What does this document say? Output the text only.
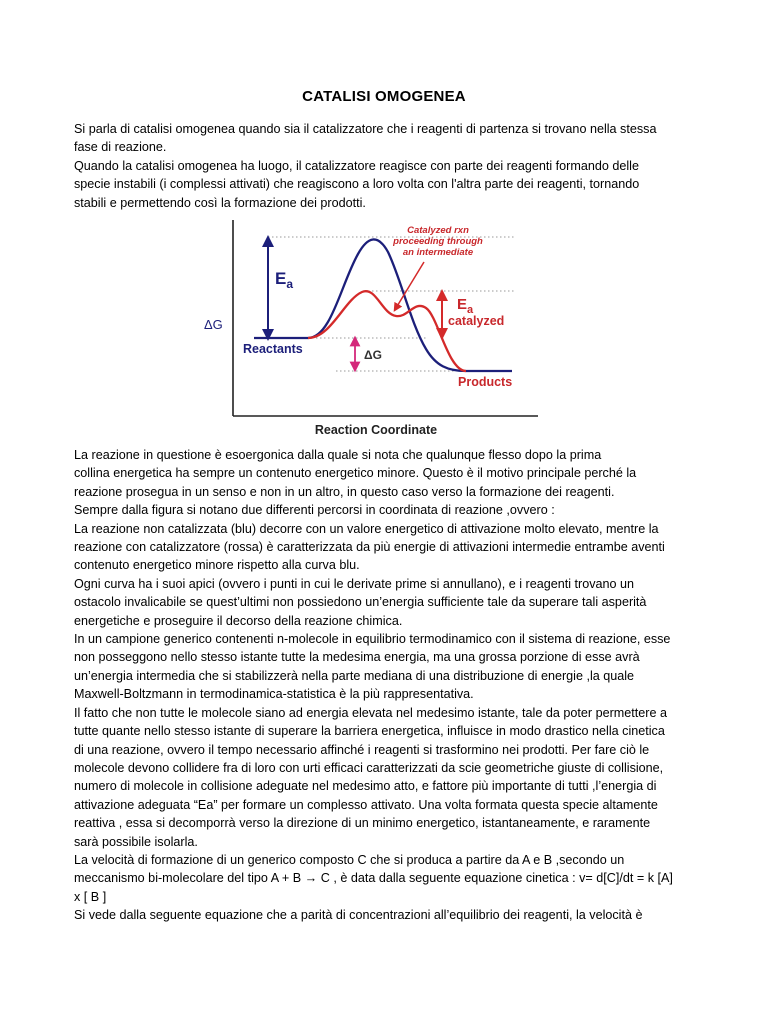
CATALISI OMOGENEA

Si parla di catalisi omogenea quando sia il catalizzatore che i reagenti di partenza si trovano nella stessa

fase di reazione.

Quando la catalisi omogenea ha luogo, il catalizzatore reagisce con parte dei reagenti formando delle

specie instabili (i complessi attivati) che reagiscono a loro volta con l'altra parte dei reagenti, tornando

stabili e permettendo così la formazione dei prodotti.

$E_a$
$E_a$
catalyzed
ΔG
Catalyzed rxn
proceeding through
an intermediate
ΔG
Reactants
Products
Reaction Coordinate

La reazione in questione è esoergonica dalla quale si nota che qualunque flesso dopo la prima

collina energetica ha sempre un contenuto energetico minore. Questo è il motivo principale perché la

reazione prosegua in un senso e non in un altro, in questo caso verso la formazione dei reagenti.

Sempre dalla figura si notano due differenti percorsi in coordinata di reazione ,ovvero :

La reazione non catalizzata (blu) decorre con un valore energetico di attivazione molto elevato, mentre la

reazione con catalizzatore (rossa) è caratterizzata da più energie di attivazioni intermedie entrambe aventi

contenuto energetico minore rispetto alla curva blu.

Ogni curva ha i suoi apici (ovvero i punti in cui le derivate prime si annullano), e i reagenti trovano un

ostacolo invalicabile se quest’ultimi non possiedono un’energia sufficiente tale da superare tali asperità

energetiche e proseguire il decorso della reazione chimica.

In un campione generico contenenti n-molecole in equilibrio termodinamico con il sistema di reazione, esse

non posseggono nello stesso istante tutte la medesima energia, ma una grossa porzione di esse avrà

un’energia intermedia che si stabilizzerà nella parte mediana di una distribuzione di energie ,la quale

Maxwell-Boltzmann in termodinamica-statistica è la più rappresentativa.

Il fatto che non tutte le molecole siano ad energia elevata nel medesimo istante, tale da poter permettere a

tutte quante nello stesso istante di superare la barriera energetica, influisce in modo drastico nella cinetica

di una reazione, ovvero il tempo necessario affinché i reagenti si trasformino nei prodotti. Per fare ciò le

molecole devono collidere fra di loro con urti efficaci caratterizzati da scie geometriche giuste di collisione,

numero di molecole in collisione adeguate nel medesimo atto, e fattore più importante di tutti ,l’energia di

attivazione adeguata “Ea” per formare un complesso attivato. Una volta formata questa specie altamente

reattiva , essa si decomporrà verso la direzione di un minimo energetico, istantaneamente, e raramente

sarà possibile isolarla.

La velocità di formazione di un generico composto C che si produca a partire da A e B ,secondo un

meccanismo bi-molecolare del tipo A + B → C , è data dalla seguente equazione cinetica : v= d[C]/dt = k [A]

x [ B ]

Si vede dalla seguente equazione che a parità di concentrazioni all’equilibrio dei reagenti, la velocità è
